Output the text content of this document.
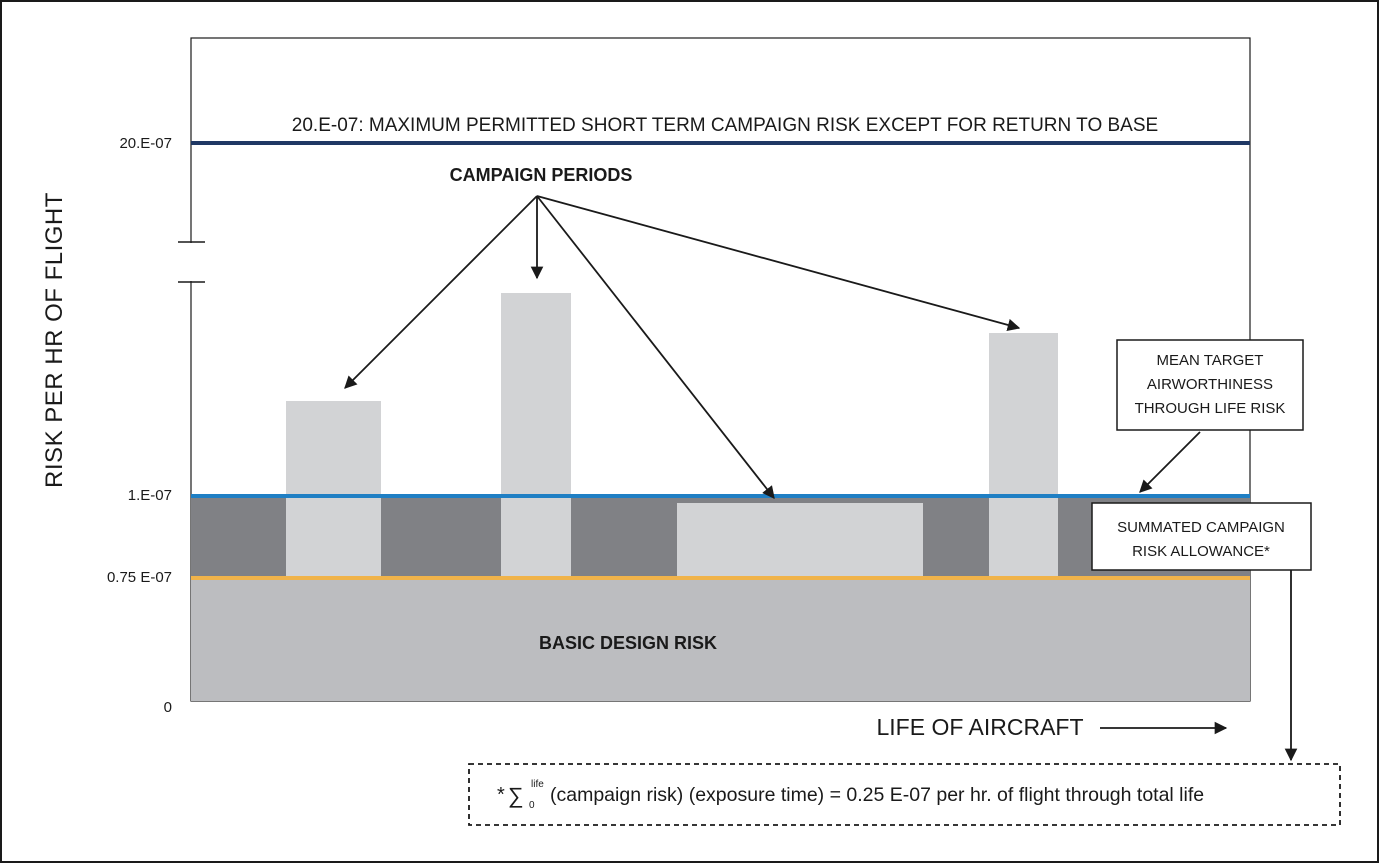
20.E-07
1.E-07
0.75 E-07
0
RISK PER HR OF FLIGHT
20.E-07: MAXIMUM PERMITTED SHORT TERM CAMPAIGN RISK EXCEPT FOR RETURN TO BASE
CAMPAIGN PERIODS
MEAN TARGET
AIRWORTHINESS
THROUGH LIFE RISK
SUMMATED CAMPAIGN
RISK ALLOWANCE*
BASIC DESIGN RISK
LIFE OF AIRCRAFT
* ∑ life
0 (campaign risk) (exposure time) = 0.25 E-07 per hr. of flight through total life
